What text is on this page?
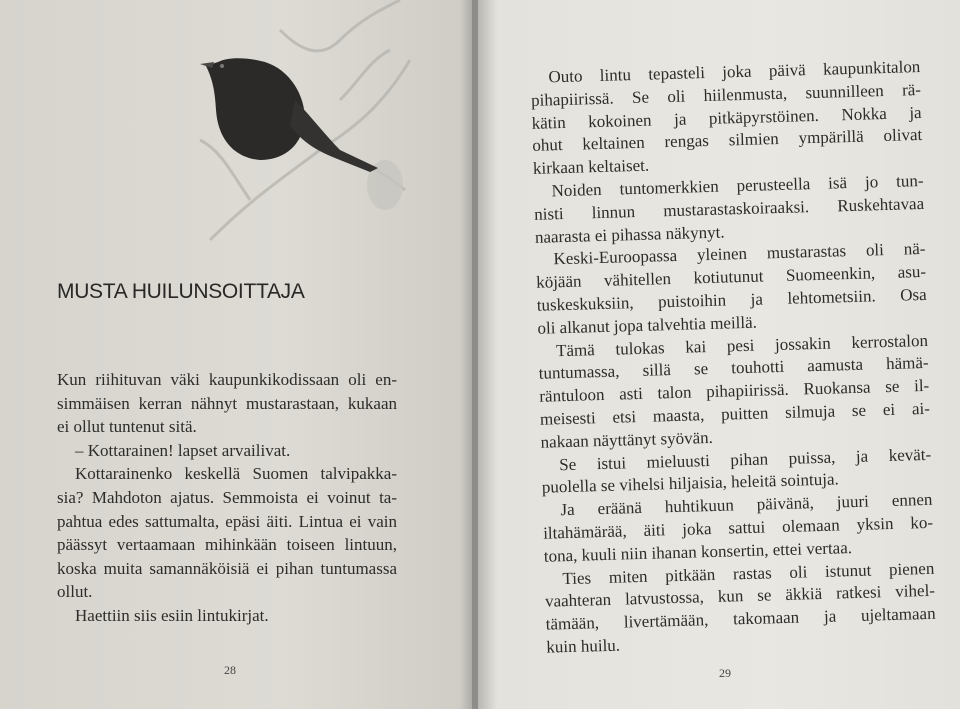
MUSTA HUILUNSOITTAJA
Kun riihituvan väki kaupunkikodissaan oli en-
simmäisen kerran nähnyt mustarastaan, kukaan
ei ollut tuntenut sitä.
– Kottarainen! lapset arvailivat.
Kottarainenko keskellä Suomen talvipakka-
sia? Mahdoton ajatus. Semmoista ei voinut ta-
pahtua edes sattumalta, epäsi äiti. Lintua ei vain
päässyt vertaamaan mihinkään toiseen lintuun,
koska muita samannäköisiä ei pihan tuntumassa
ollut.
Haettiin siis esiin lintukirjat.
28	29
Outo lintu tepasteli joka päivä kaupunkitalon
pihapiirissä. Se oli hiilenmusta, suunnilleen rä-
kätin kokoinen ja pitkäpyrstöinen. Nokka ja
ohut keltainen rengas silmien ympärillä olivat
kirkaan keltaiset.
Noiden tuntomerkkien perusteella isä jo tun-
nisti linnun mustarastaskoiraaksi. Ruskehtavaa
naarasta ei pihassa näkynyt.
Keski-Euroopassa yleinen mustarastas oli nä-
köjään vähitellen kotiutunut Suomeenkin, asu-
tuskeskuksiin, puistoihin ja lehtometsiin. Osa
oli alkanut jopa talvehtia meillä.
Tämä tulokas kai pesi jossakin kerrostalon
tuntumassa, sillä se touhotti aamusta hämä-
räntuloon asti talon pihapiirissä. Ruokansa se il-
meisesti etsi maasta, puitten silmuja se ei ai-
nakaan näyttänyt syövän.
Se istui mieluusti pihan puissa, ja kevät-
puolella se vihelsi hiljaisia, heleitä sointuja.
Ja eräänä huhtikuun päivänä, juuri ennen
iltahämärää, äiti joka sattui olemaan yksin ko-
tona, kuuli niin ihanan konsertin, ettei vertaa.
Ties miten pitkään rastas oli istunut pienen
vaahteran latvustossa, kun se äkkiä ratkesi vihel-
tämään, livertämään, takomaan ja ujeltamaan
kuin huilu.
